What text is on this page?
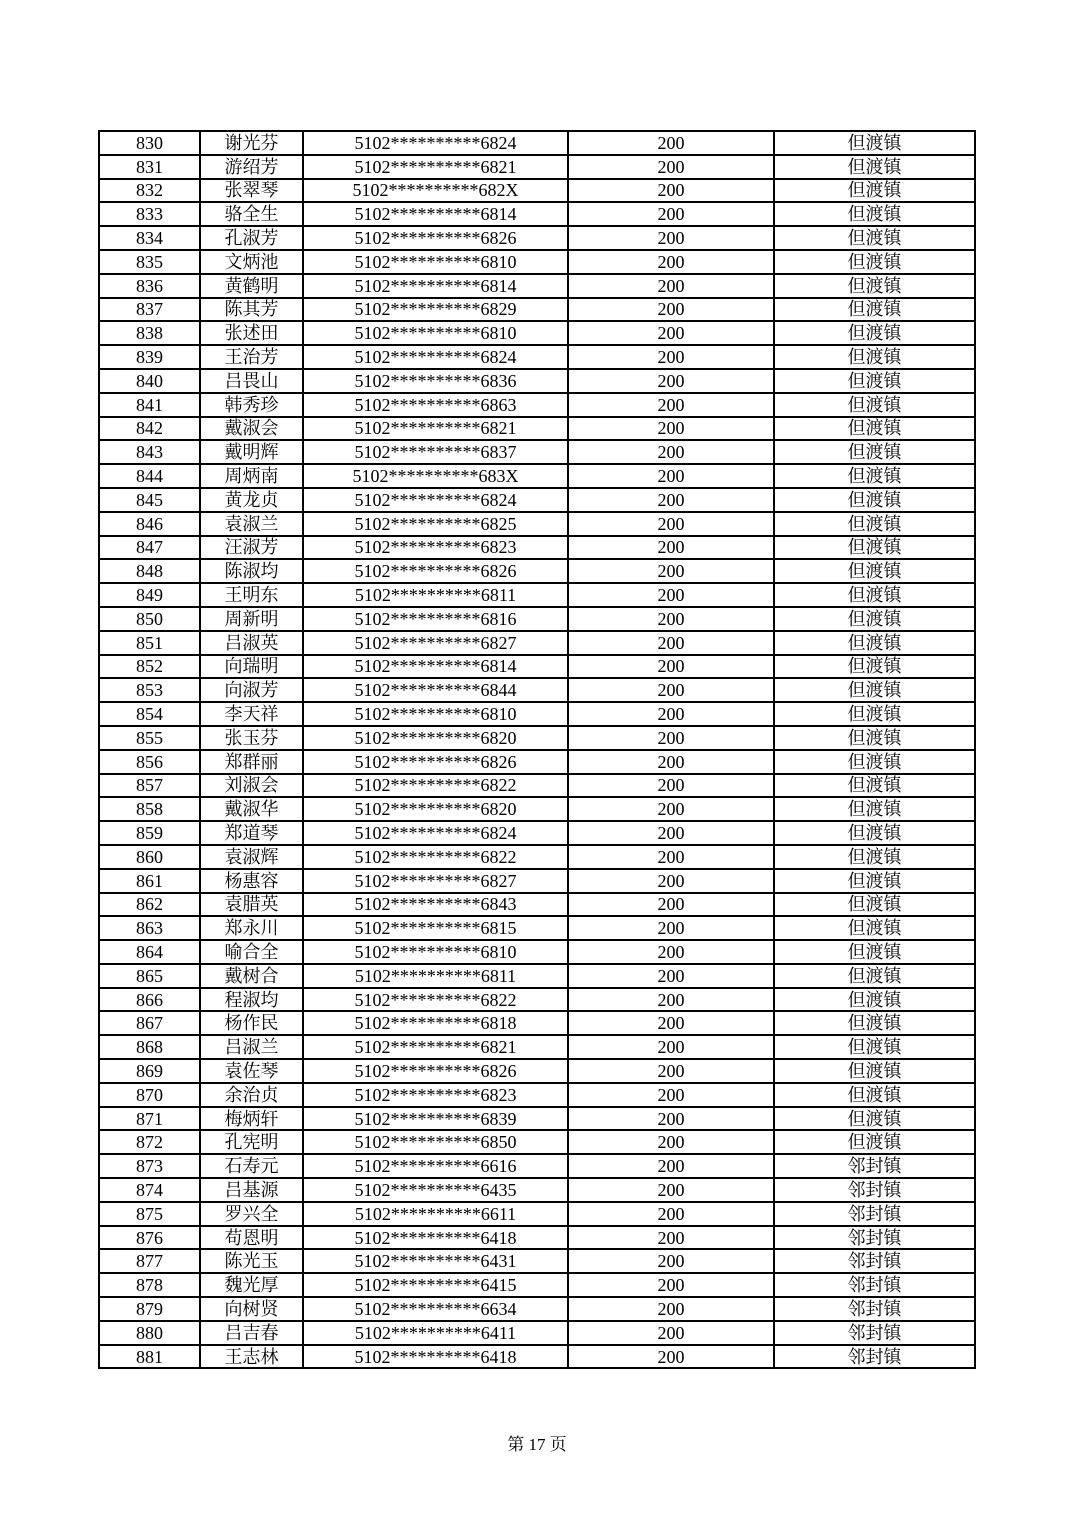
830	谢光芬	5102**********6824	200	但渡镇
831	游绍芳	5102**********6821	200	但渡镇
832	张翠琴	5102**********682X	200	但渡镇
833	骆全生	5102**********6814	200	但渡镇
834	孔淑芳	5102**********6826	200	但渡镇
835	文炳池	5102**********6810	200	但渡镇
836	黄鹤明	5102**********6814	200	但渡镇
837	陈其芳	5102**********6829	200	但渡镇
838	张述田	5102**********6810	200	但渡镇
839	王治芳	5102**********6824	200	但渡镇
840	吕畏山	5102**********6836	200	但渡镇
841	韩秀珍	5102**********6863	200	但渡镇
842	戴淑会	5102**********6821	200	但渡镇
843	戴明辉	5102**********6837	200	但渡镇
844	周炳南	5102**********683X	200	但渡镇
845	黄龙贞	5102**********6824	200	但渡镇
846	袁淑兰	5102**********6825	200	但渡镇
847	汪淑芳	5102**********6823	200	但渡镇
848	陈淑均	5102**********6826	200	但渡镇
849	王明东	5102**********6811	200	但渡镇
850	周新明	5102**********6816	200	但渡镇
851	吕淑英	5102**********6827	200	但渡镇
852	向瑞明	5102**********6814	200	但渡镇
853	向淑芳	5102**********6844	200	但渡镇
854	李天祥	5102**********6810	200	但渡镇
855	张玉芬	5102**********6820	200	但渡镇
856	郑群丽	5102**********6826	200	但渡镇
857	刘淑会	5102**********6822	200	但渡镇
858	戴淑华	5102**********6820	200	但渡镇
859	郑道琴	5102**********6824	200	但渡镇
860	袁淑辉	5102**********6822	200	但渡镇
861	杨惠容	5102**********6827	200	但渡镇
862	袁腊英	5102**********6843	200	但渡镇
863	郑永川	5102**********6815	200	但渡镇
864	喻合全	5102**********6810	200	但渡镇
865	戴树合	5102**********6811	200	但渡镇
866	程淑均	5102**********6822	200	但渡镇
867	杨作民	5102**********6818	200	但渡镇
868	吕淑兰	5102**********6821	200	但渡镇
869	袁佐琴	5102**********6826	200	但渡镇
870	余治贞	5102**********6823	200	但渡镇
871	梅炳轩	5102**********6839	200	但渡镇
872	孔宪明	5102**********6850	200	但渡镇
873	石寿元	5102**********6616	200	邻封镇
874	吕基源	5102**********6435	200	邻封镇
875	罗兴全	5102**********6611	200	邻封镇
876	苟恩明	5102**********6418	200	邻封镇
877	陈光玉	5102**********6431	200	邻封镇
878	魏光厚	5102**********6415	200	邻封镇
879	向树贤	5102**********6634	200	邻封镇
880	吕吉春	5102**********6411	200	邻封镇
881	王志林	5102**********6418	200	邻封镇
第 17 页
